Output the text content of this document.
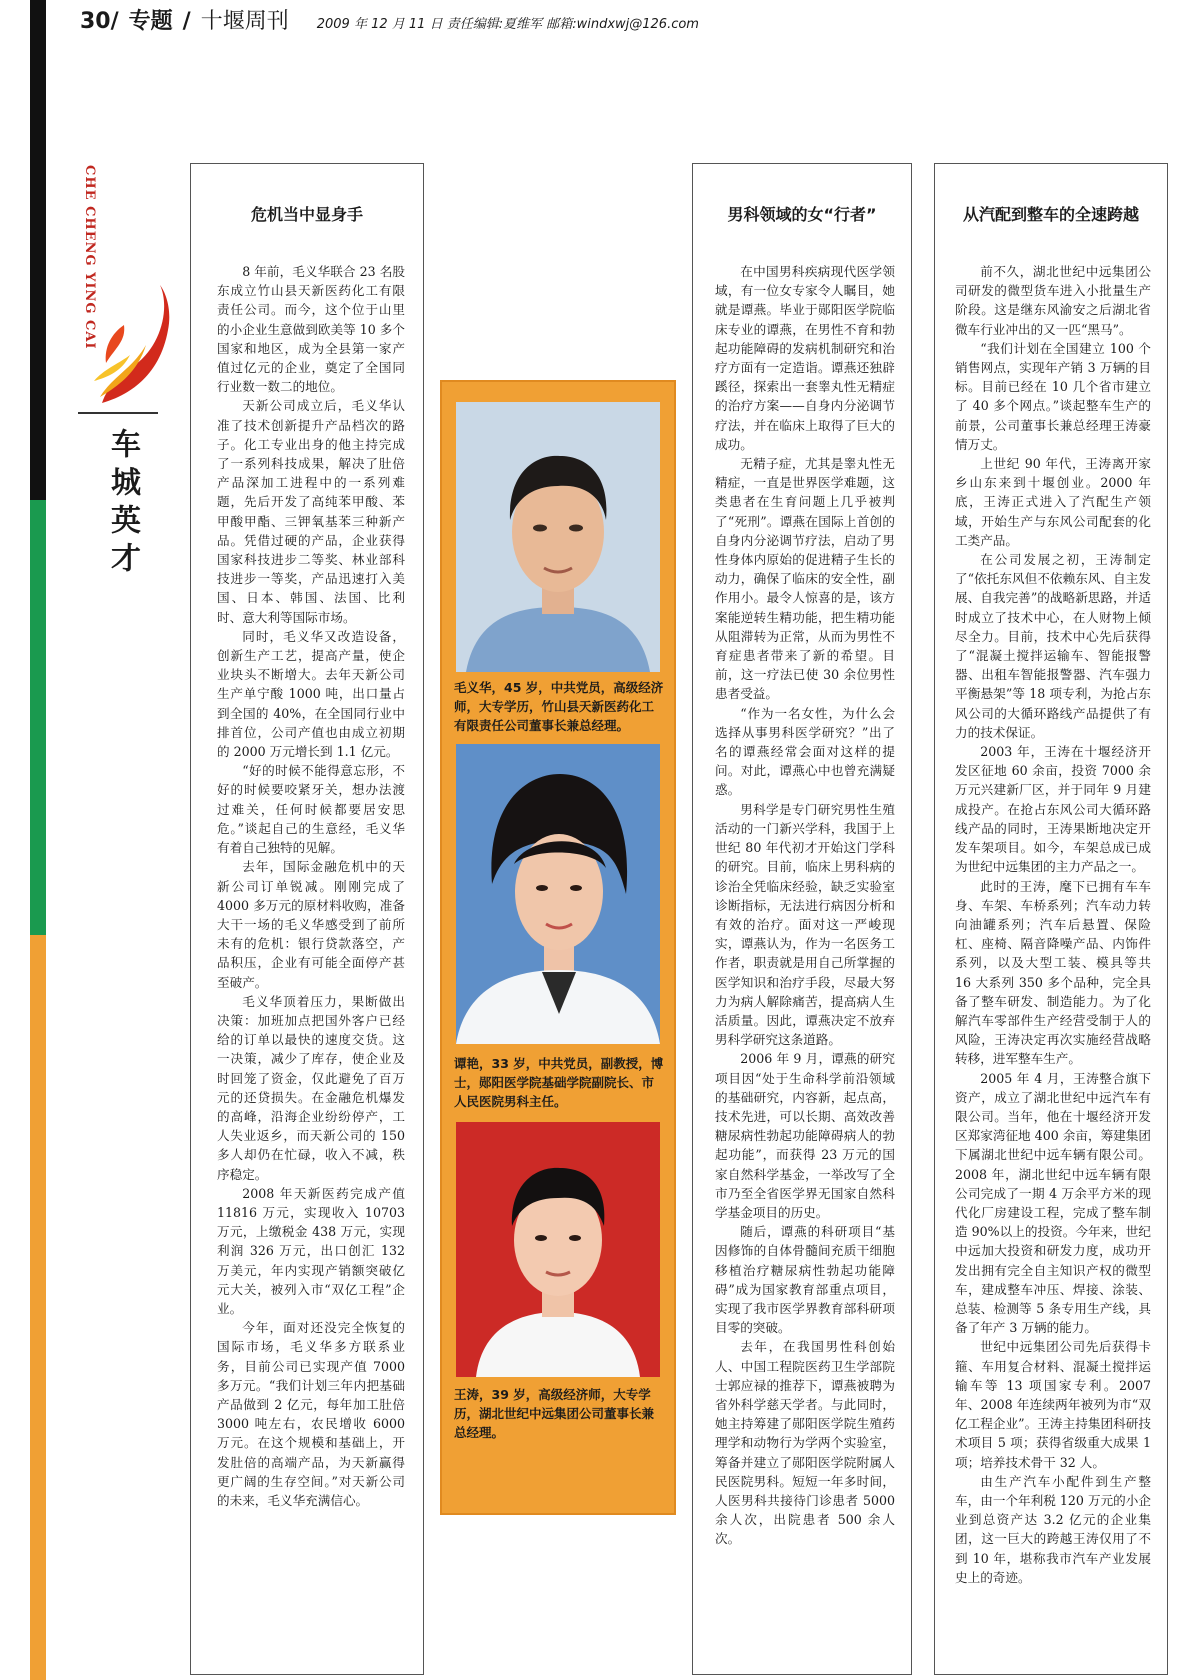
30/ 专题 / 十堰周刊 2009 年 12 月 11 日 责任编辑:夏维军 邮箱:windxwj@126.com
CHE CHENG YING CAI
车城英才
危机当中显身手

8 年前，毛义华联合 23 名股东成立竹山县天新医药化工有限责任公司。而今，这个位于山里的小企业生意做到欧美等 10 多个国家和地区，成为全县第一家产值过亿元的企业，奠定了全国同行业数一数二的地位。

天新公司成立后，毛义华认准了技术创新提升产品档次的路子。化工专业出身的他主持完成了一系列科技成果，解决了肚倍产品深加工进程中的一系列难题，先后开发了高纯苯甲酸、苯甲酸甲酯、三钾氧基苯三种新产品。凭借过硬的产品，企业获得国家科技进步二等奖、林业部科技进步一等奖，产品迅速打入美国、日本、韩国、法国、比利时、意大利等国际市场。

同时，毛义华又改造设备，创新生产工艺，提高产量，使企业块头不断增大。去年天新公司生产单宁酸 1000 吨，出口量占到全国的 40%，在全国同行业中排首位，公司产值也由成立初期的 2000 万元增长到 1.1 亿元。

“好的时候不能得意忘形，不好的时候要咬紧牙关，想办法渡过难关，任何时候都要居安思危。”谈起自己的生意经，毛义华有着自己独特的见解。

去年，国际金融危机中的天新公司订单锐减。刚刚完成了 4000 多万元的原材料收购，准备大干一场的毛义华感受到了前所未有的危机：银行贷款落空，产品积压，企业有可能全面停产甚至破产。

毛义华顶着压力，果断做出决策：加班加点把国外客户已经给的订单以最快的速度交货。这一决策，减少了库存，使企业及时回笼了资金，仅此避免了百万元的还贷损失。在金融危机爆发的高峰，沿海企业纷纷停产，工人失业返乡，而天新公司的 150 多人却仍在忙碌，收入不减，秩序稳定。

2008 年天新医药完成产值 11816 万元，实现收入 10703 万元，上缴税金 438 万元，实现利润 326 万元，出口创汇 132 万美元，年内实现产销额突破亿元大关，被列入市“双亿工程”企业。

今年，面对还没完全恢复的国际市场，毛义华多方联系业务，目前公司已实现产值 7000 多万元。“我们计划三年内把基础产品做到 2 亿元，每年加工肚倍 3000 吨左右，农民增收 6000 万元。在这个规模和基础上，开发肚倍的高端产品，为天新赢得更广阔的生存空间。”对天新公司的未来，毛义华充满信心。

毛义华，45 岁，中共党员，高级经济师，大专学历，竹山县天新医药化工有限责任公司董事长兼总经理。
谭艳，33 岁，中共党员，副教授，博士，郧阳医学院基础学院副院长、市人民医院男科主任。
王涛，39 岁，高级经济师，大专学历，湖北世纪中远集团公司董事长兼总经理。
男科领域的女“行者”

在中国男科疾病现代医学领域，有一位女专家令人瞩目，她就是谭燕。毕业于郧阳医学院临床专业的谭燕，在男性不育和勃起功能障碍的发病机制研究和治疗方面有一定造诣。谭燕还独辟蹊径，探索出一套睾丸性无精症的治疗方案——自身内分泌调节疗法，并在临床上取得了巨大的成功。

无精子症，尤其是睾丸性无精症，一直是世界医学难题，这类患者在生育问题上几乎被判了“死刑”。谭燕在国际上首创的自身内分泌调节疗法，启动了男性身体内原始的促进精子生长的动力，确保了临床的安全性，副作用小。最令人惊喜的是，该方案能逆转生精功能，把生精功能从阻滞转为正常，从而为男性不育症患者带来了新的希望。目前，这一疗法已使 30 余位男性患者受益。

“作为一名女性，为什么会选择从事男科医学研究？”出了名的谭燕经常会面对这样的提问。对此，谭燕心中也曾充满疑惑。

男科学是专门研究男性生殖活动的一门新兴学科，我国于上世纪 80 年代初才开始这门学科的研究。目前，临床上男科病的诊治全凭临床经验，缺乏实验室诊断指标，无法进行病因分析和有效的治疗。面对这一严峻现实，谭燕认为，作为一名医务工作者，职责就是用自己所掌握的医学知识和治疗手段，尽最大努力为病人解除痛苦，提高病人生活质量。因此，谭燕决定不放弃男科学研究这条道路。

2006 年 9 月，谭燕的研究项目因“处于生命科学前沿领域的基础研究，内容新，起点高，技术先进，可以长期、高效改善糖尿病性勃起功能障碍病人的勃起功能”，而获得 23 万元的国家自然科学基金，一举改写了全市乃至全省医学界无国家自然科学基金项目的历史。

随后，谭燕的科研项目“基因修饰的自体骨髓间充质干细胞移植治疗糖尿病性勃起功能障碍”成为国家教育部重点项目，实现了我市医学界教育部科研项目零的突破。

去年，在我国男性科创始人、中国工程院医药卫生学部院士郭应禄的推荐下，谭燕被聘为省外科学慈天学者。与此同时，她主持筹建了郧阳医学院生殖药理学和动物行为学两个实验室，筹备并建立了郧阳医学院附属人民医院男科。短短一年多时间，人医男科共接待门诊患者 5000 余人次，出院患者 500 余人次。

从汽配到整车的全速跨越

前不久，湖北世纪中远集团公司研发的微型货车进入小批量生产阶段。这是继东风渝安之后湖北省微车行业冲出的又一匹“黑马”。

“我们计划在全国建立 100 个销售网点，实现年产销 3 万辆的目标。目前已经在 10 几个省市建立了 40 多个网点。”谈起整车生产的前景，公司董事长兼总经理王涛豪情万丈。

上世纪 90 年代，王涛离开家乡山东来到十堰创业。2000 年底，王涛正式进入了汽配生产领域，开始生产与东风公司配套的化工类产品。

在公司发展之初，王涛制定了“依托东风但不依赖东风、自主发展、自我完善”的战略新思路，并适时成立了技术中心，在人财物上倾尽全力。目前，技术中心先后获得了“混凝土搅拌运输车、智能报警器、出租车智能报警器、汽车强力平衡悬架”等 18 项专利，为抢占东风公司的大循环路线产品提供了有力的技术保证。

2003 年，王涛在十堰经济开发区征地 60 余亩，投资 7000 余万元兴建新厂区，并于同年 9 月建成投产。在抢占东风公司大循环路线产品的同时，王涛果断地决定开发车架项目。如今，车架总成已成为世纪中远集团的主力产品之一。

此时的王涛，麾下已拥有车车身、车架、车桥系列；汽车动力转向油罐系列；汽车后悬置、保险杠、座椅、隔音降噪产品、内饰件系列，以及大型工装、模具等共 16 大系列 350 多个品种，完全具备了整车研发、制造能力。为了化解汽车零部件生产经营受制于人的风险，王涛决定再次实施经营战略转移，进军整车生产。

2005 年 4 月，王涛整合旗下资产，成立了湖北世纪中远汽车有限公司。当年，他在十堰经济开发区郑家湾征地 400 余亩，筹建集团下属湖北世纪中远车辆有限公司。2008 年，湖北世纪中远车辆有限公司完成了一期 4 万余平方米的现代化厂房建设工程，完成了整车制造 90%以上的投资。今年来，世纪中远加大投资和研发力度，成功开发出拥有完全自主知识产权的微型车，建成整车冲压、焊接、涂装、总装、检测等 5 条专用生产线，具备了年产 3 万辆的能力。

世纪中远集团公司先后获得卡箍、车用复合材料、混凝土搅拌运输车等 13 项国家专利。2007 年、2008 年连续两年被列为市“双亿工程企业”。王涛主持集团科研技术项目 5 项；获得省级重大成果 1 项；培养技术骨干 32 人。

由生产汽车小配件到生产整车，由一个年利税 120 万元的小企业到总资产达 3.2 亿元的企业集团，这一巨大的跨越王涛仅用了不到 10 年，堪称我市汽车产业发展史上的奇迹。
